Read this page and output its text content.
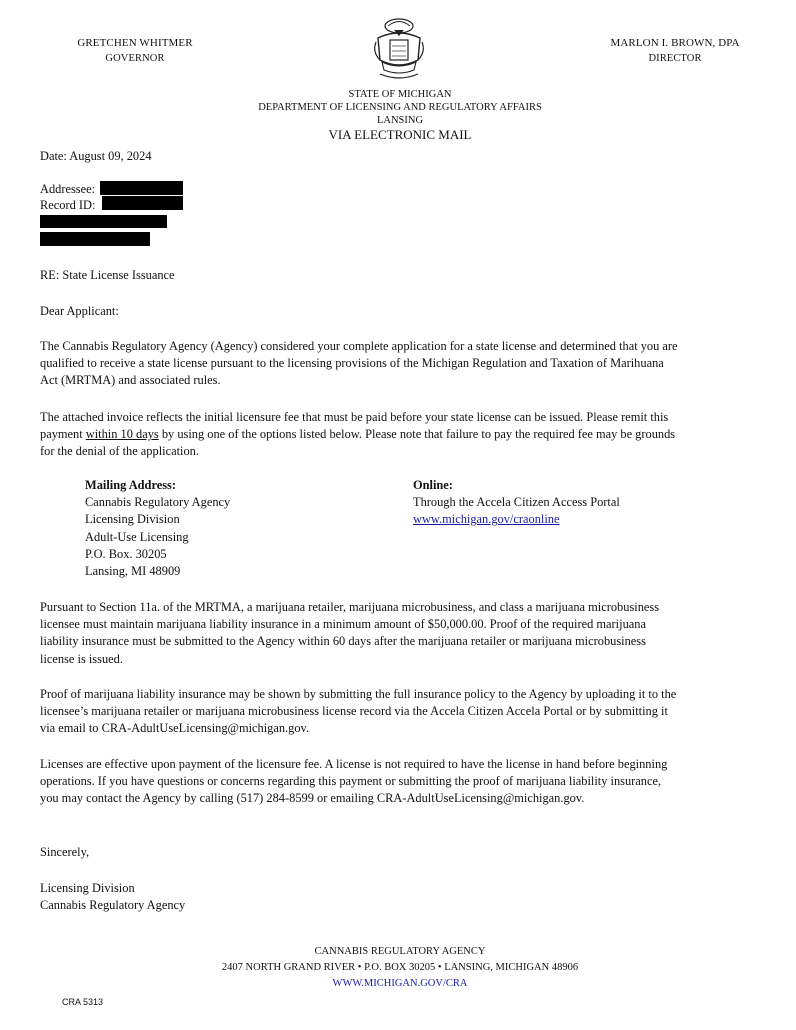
GRETCHEN WHITMER
GOVERNOR
MARLON I. BROWN, DPA
DIRECTOR
STATE OF MICHIGAN
DEPARTMENT OF LICENSING AND REGULATORY AFFAIRS
LANSING
VIA ELECTRONIC MAIL
Date: August 09, 2024
Addressee:
Record ID:
RE: State License Issuance
Dear Applicant:

The Cannabis Regulatory Agency (Agency) considered your complete application for a state license and determined that you are qualified to receive a state license pursuant to the licensing provisions of the Michigan Regulation and Taxation of Marihuana Act (MRTMA) and associated rules.

The attached invoice reflects the initial licensure fee that must be paid before your state license can be issued. Please remit this payment within 10 days by using one of the options listed below. Please note that failure to pay the required fee may be grounds for the denial of the application.

Mailing Address:
Cannabis Regulatory Agency
Licensing Division
Adult-Use Licensing
P.O. Box. 30205
Lansing, MI 48909
Online:
Through the Accela Citizen Access Portal
www.michigan.gov/craonline

Pursuant to Section 11a. of the MRTMA, a marijuana retailer, marijuana microbusiness, and class a marijuana microbusiness licensee must maintain marijuana liability insurance in a minimum amount of $50,000.00. Proof of the required marijuana liability insurance must be submitted to the Agency within 60 days after the marijuana retailer or marijuana microbusiness license is issued.

Proof of marijuana liability insurance may be shown by submitting the full insurance policy to the Agency by uploading it to the licensee’s marijuana retailer or marijuana microbusiness license record via the Accela Citizen Accela Portal or by submitting it via email to CRA-AdultUseLicensing@michigan.gov.

Licenses are effective upon payment of the licensure fee. A license is not required to have the license in hand before beginning operations. If you have questions or concerns regarding this payment or submitting the proof of marijuana liability insurance, you may contact the Agency by calling (517) 284-8599 or emailing CRA-AdultUseLicensing@michigan.gov.

Sincerely,
Licensing Division
Cannabis Regulatory Agency
CANNABIS REGULATORY AGENCY
2407 NORTH GRAND RIVER • P.O. BOX 30205 • LANSING, MICHIGAN 48906
WWW.MICHIGAN.GOV/CRA
CRA 5313
